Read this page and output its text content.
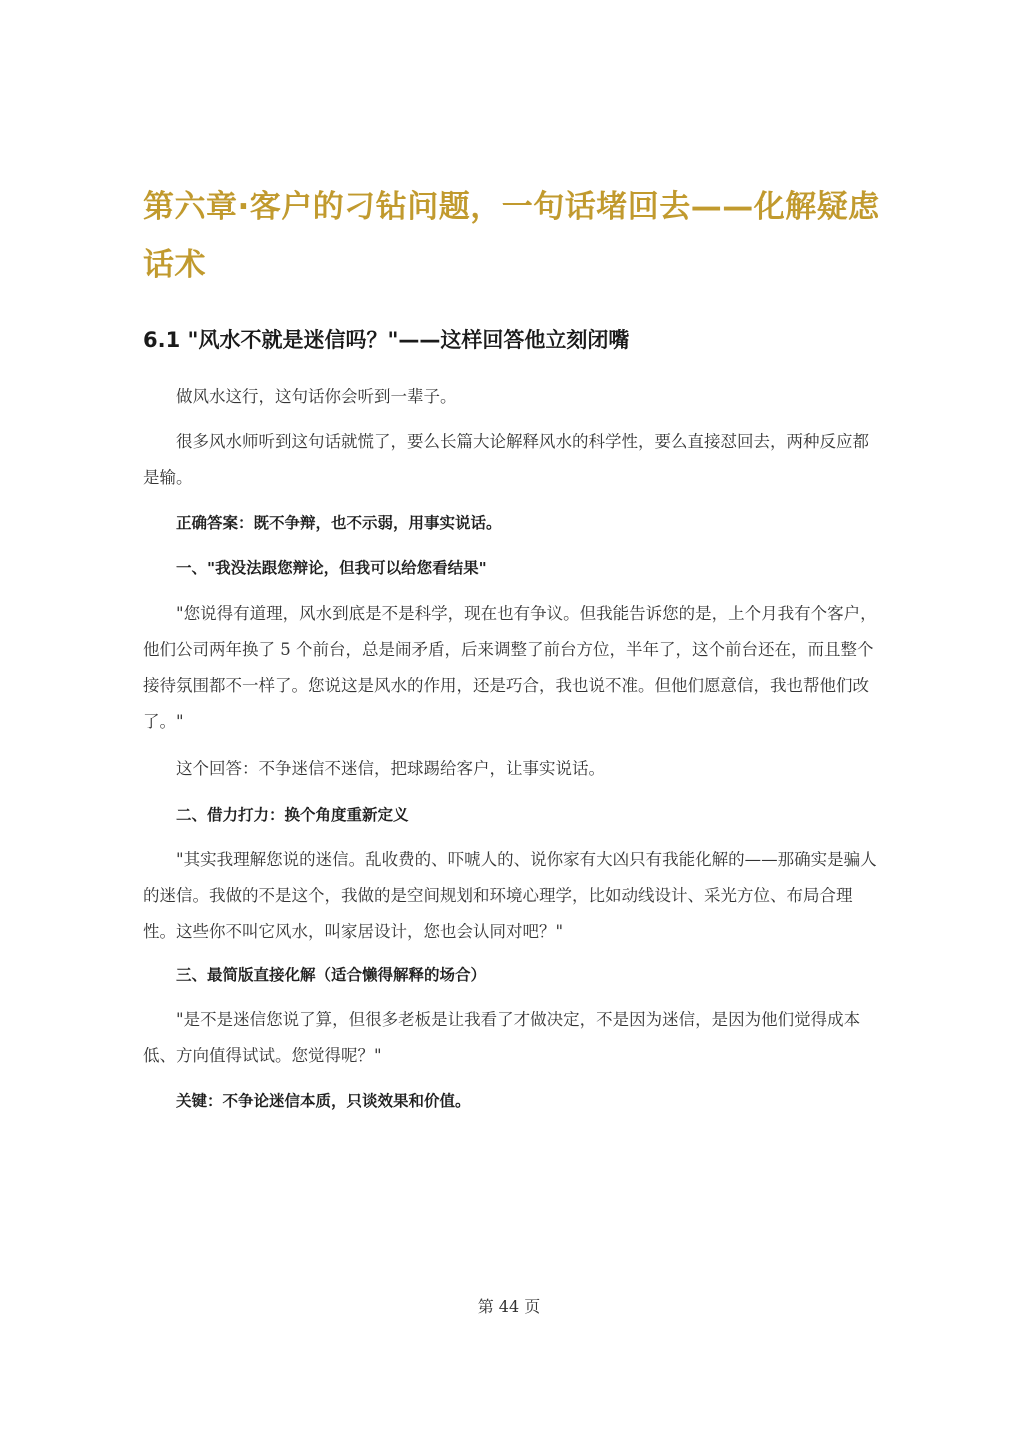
第六章·客户的刁钻问题，一句话堵回去——化解疑虑话术
6.1 "风水不就是迷信吗？"——这样回答他立刻闭嘴

做风水这行，这句话你会听到一辈子。

很多风水师听到这句话就慌了，要么长篇大论解释风水的科学性，要么直接怼回去，两种反应都是输。

正确答案：既不争辩，也不示弱，用事实说话。

一、"我没法跟您辩论，但我可以给您看结果"

"您说得有道理，风水到底是不是科学，现在也有争议。但我能告诉您的是，上个月我有个客户，他们公司两年换了 5 个前台，总是闹矛盾，后来调整了前台方位，半年了，这个前台还在，而且整个接待氛围都不一样了。您说这是风水的作用，还是巧合，我也说不准。但他们愿意信，我也帮他们改了。"

这个回答：不争迷信不迷信，把球踢给客户，让事实说话。

二、借力打力：换个角度重新定义

"其实我理解您说的迷信。乱收费的、吓唬人的、说你家有大凶只有我能化解的——那确实是骗人的迷信。我做的不是这个，我做的是空间规划和环境心理学，比如动线设计、采光方位、布局合理性。这些你不叫它风水，叫家居设计，您也会认同对吧？"

三、最简版直接化解（适合懒得解释的场合）

"是不是迷信您说了算，但很多老板是让我看了才做决定，不是因为迷信，是因为他们觉得成本低、方向值得试试。您觉得呢？"

关键：不争论迷信本质，只谈效果和价值。

第 44 页
